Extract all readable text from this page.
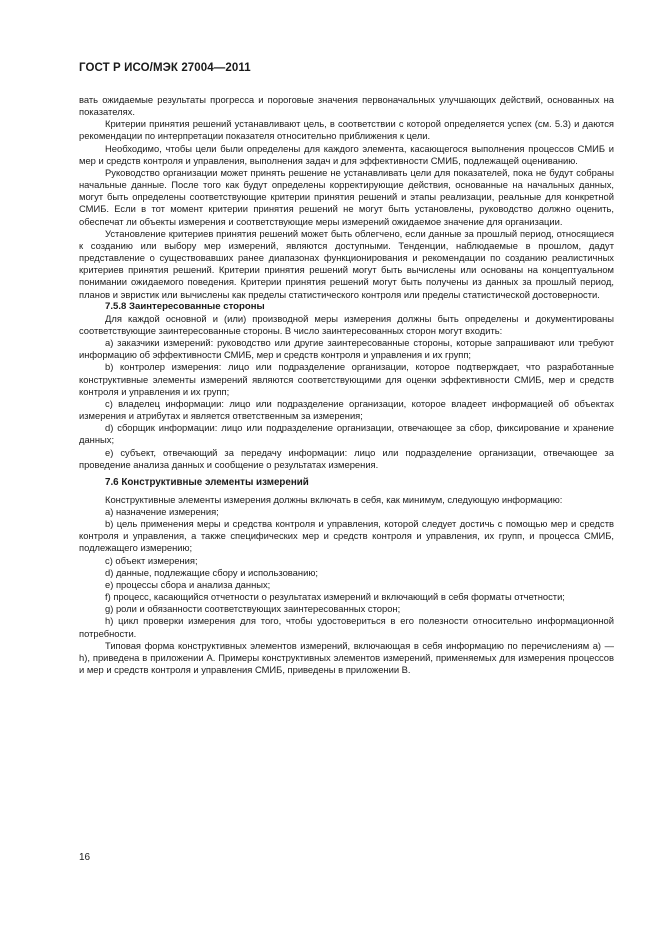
ГОСТ Р ИСО/МЭК 27004—2011

вать ожидаемые результаты прогресса и пороговые значения первоначальных улучшающих действий, основанных на показателях.

Критерии принятия решений устанавливают цель, в соответствии с которой определяется успех (см. 5.3) и даются рекомендации по интерпретации показателя относительно приближения к цели.

Необходимо, чтобы цели были определены для каждого элемента, касающегося выполнения процессов СМИБ и мер и средств контроля и управления, выполнения задач и для эффективности СМИБ, подлежащей оцениванию.

Руководство организации может принять решение не устанавливать цели для показателей, пока не будут собраны начальные данные. После того как будут определены корректирующие действия, основанные на начальных данных, могут быть определены соответствующие критерии принятия решений и этапы реализации, реальные для конкретной СМИБ. Если в тот момент критерии принятия решений не могут быть установлены, руководство должно оценить, обеспечат ли объекты измерения и соответствующие меры измерений ожидаемое значение для организации.

Установление критериев принятия решений может быть облегчено, если данные за прошлый период, относящиеся к созданию или выбору мер измерений, являются доступными. Тенденции, наблюдаемые в прошлом, дадут представление о существовавших ранее диапазонах функционирования и рекомендации по созданию реалистичных критериев принятия решений. Критерии принятия решений могут быть вычислены или основаны на концептуальном понимании ожидаемого поведения. Критерии принятия решений могут быть получены из данных за прошлый период, планов и эвристик или вычислены как пределы статистического контроля или пределы статистической достоверности.

7.5.8 Заинтересованные стороны

Для каждой основной и (или) производной меры измерения должны быть определены и документированы соответствующие заинтересованные стороны. В число заинтересованных сторон могут входить:

а) заказчики измерений: руководство или другие заинтересованные стороны, которые запрашивают или требуют информацию об эффективности СМИБ, мер и средств контроля и управления и их групп;

b) контролер измерения: лицо или подразделение организации, которое подтверждает, что разработанные конструктивные элементы измерений являются соответствующими для оценки эффективности СМИБ, мер и средств контроля и управления и их групп;

с) владелец информации: лицо или подразделение организации, которое владеет информацией об объектах измерения и атрибутах и является ответственным за измерения;

d) сборщик информации: лицо или подразделение организации, отвечающее за сбор, фиксирование и хранение данных;

е) субъект, отвечающий за передачу информации: лицо или подразделение организации, отвечающее за проведение анализа данных и сообщение о результатах измерения.

7.6 Конструктивные элементы измерений

Конструктивные элементы измерения должны включать в себя, как минимум, следующую информацию:

а) назначение измерения;

b) цель применения меры и средства контроля и управления, которой следует достичь с помощью мер и средств контроля и управления, а также специфических мер и средств контроля и управления, их групп, и процесса СМИБ, подлежащего измерению;

с) объект измерения;

d) данные, подлежащие сбору и использованию;

е) процессы сбора и анализа данных;

f) процесс, касающийся отчетности о результатах измерений и включающий в себя форматы отчетности;

g) роли и обязанности соответствующих заинтересованных сторон;

h) цикл проверки измерения для того, чтобы удостовериться в его полезности относительно информационной потребности.

Типовая форма конструктивных элементов измерений, включающая в себя информацию по перечислениям а) — h), приведена в приложении А. Примеры конструктивных элементов измерений, применяемых для измерения процессов и мер и средств контроля и управления СМИБ, приведены в приложении В.

16
